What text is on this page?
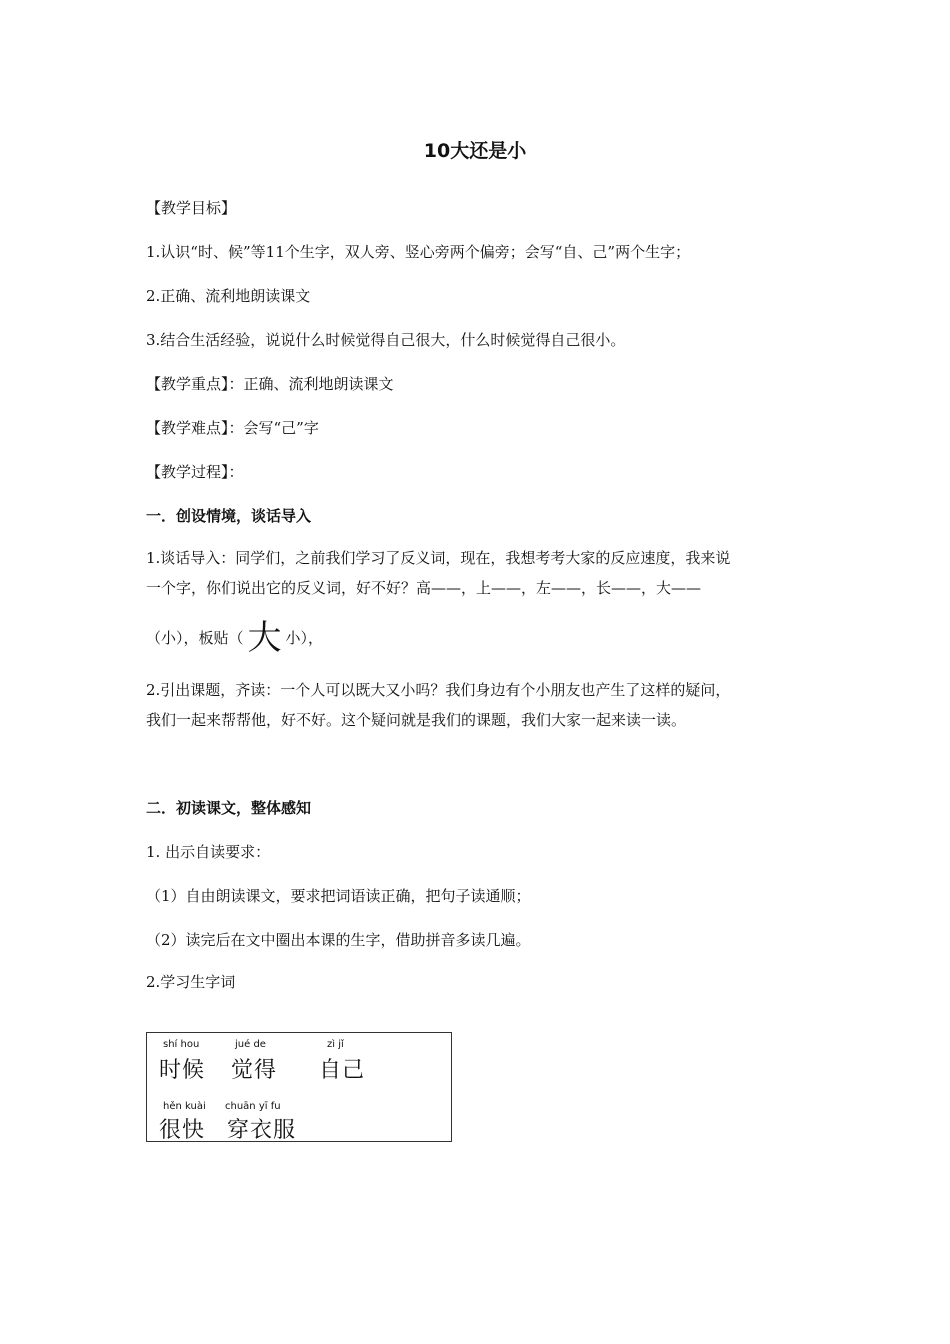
10大还是小
【教学目标】
1.认识“时、候”等11个生字，双人旁、竖心旁两个偏旁；会写“自、己”两个生字；
2.正确、流利地朗读课文
3.结合生活经验，说说什么时候觉得自己很大，什么时候觉得自己很小。
【教学重点】：正确、流利地朗读课文
【教学难点】：会写“己”字
【教学过程】：
一．创设情境，谈话导入
1.谈话导入：同学们，之前我们学习了反义词，现在，我想考考大家的反应速度，我来说
一个字，你们说出它的反义词，好不好？高——，上——，左——，长——，大——
（小），板贴（ 大 小），
2.引出课题，齐读：一个人可以既大又小吗？我们身边有个小朋友也产生了这样的疑问，
我们一起来帮帮他，好不好。这个疑问就是我们的课题，我们大家一起来读一读。
二．初读课文，整体感知
1. 出示自读要求：
（1）自由朗读课文，要求把词语读正确，把句子读通顺；
（2）读完后在文中圈出本课的生字，借助拼音多读几遍。
2.学习生字词
shí hou
时候
jué de
觉得
zì jǐ
自己
hěn kuài
很快
chuān yī fu
穿衣服
